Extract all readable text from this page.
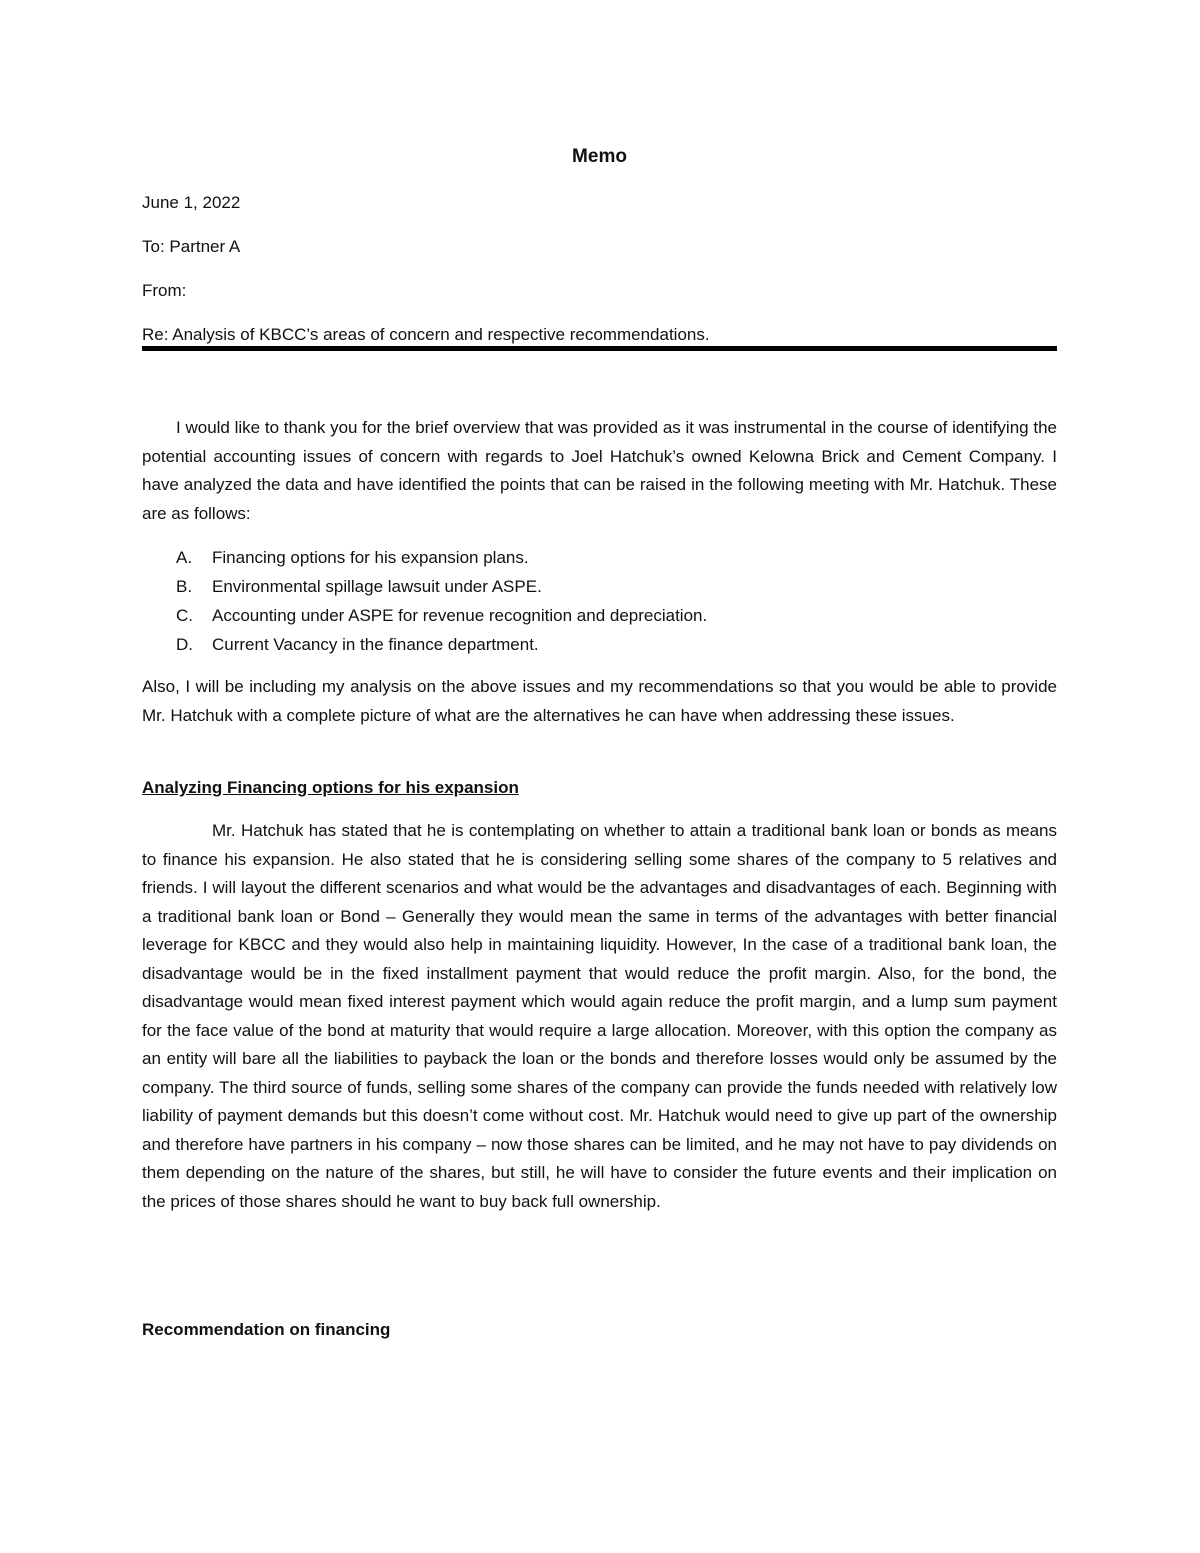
Memo
June 1, 2022
To: Partner A
From:
Re: Analysis of KBCC’s areas of concern and respective recommendations.

I would like to thank you for the brief overview that was provided as it was instrumental in the course of identifying the potential accounting issues of concern with regards to Joel Hatchuk’s owned Kelowna Brick and Cement Company. I have analyzed the data and have identified the points that can be raised in the following meeting with Mr. Hatchuk. These are as follows:

A. Financing options for his expansion plans.
B. Environmental spillage lawsuit under ASPE.
C. Accounting under ASPE for revenue recognition and depreciation.
D. Current Vacancy in the finance department.

Also, I will be including my analysis on the above issues and my recommendations so that you would be able to provide Mr. Hatchuk with a complete picture of what are the alternatives he can have when addressing these issues.

Analyzing Financing options for his expansion

Mr. Hatchuk has stated that he is contemplating on whether to attain a traditional bank loan or bonds as means to finance his expansion. He also stated that he is considering selling some shares of the company to 5 relatives and friends. I will layout the different scenarios and what would be the advantages and disadvantages of each. Beginning with a traditional bank loan or Bond – Generally they would mean the same in terms of the advantages with better financial leverage for KBCC and they would also help in maintaining liquidity. However, In the case of a traditional bank loan, the disadvantage would be in the fixed installment payment that would reduce the profit margin. Also, for the bond, the disadvantage would mean fixed interest payment which would again reduce the profit margin, and a lump sum payment for the face value of the bond at maturity that would require a large allocation. Moreover, with this option the company as an entity will bare all the liabilities to payback the loan or the bonds and therefore losses would only be assumed by the company. The third source of funds, selling some shares of the company can provide the funds needed with relatively low liability of payment demands but this doesn’t come without cost. Mr. Hatchuk would need to give up part of the ownership and therefore have partners in his company – now those shares can be limited, and he may not have to pay dividends on them depending on the nature of the shares, but still, he will have to consider the future events and their implication on the prices of those shares should he want to buy back full ownership.

Recommendation on financing
